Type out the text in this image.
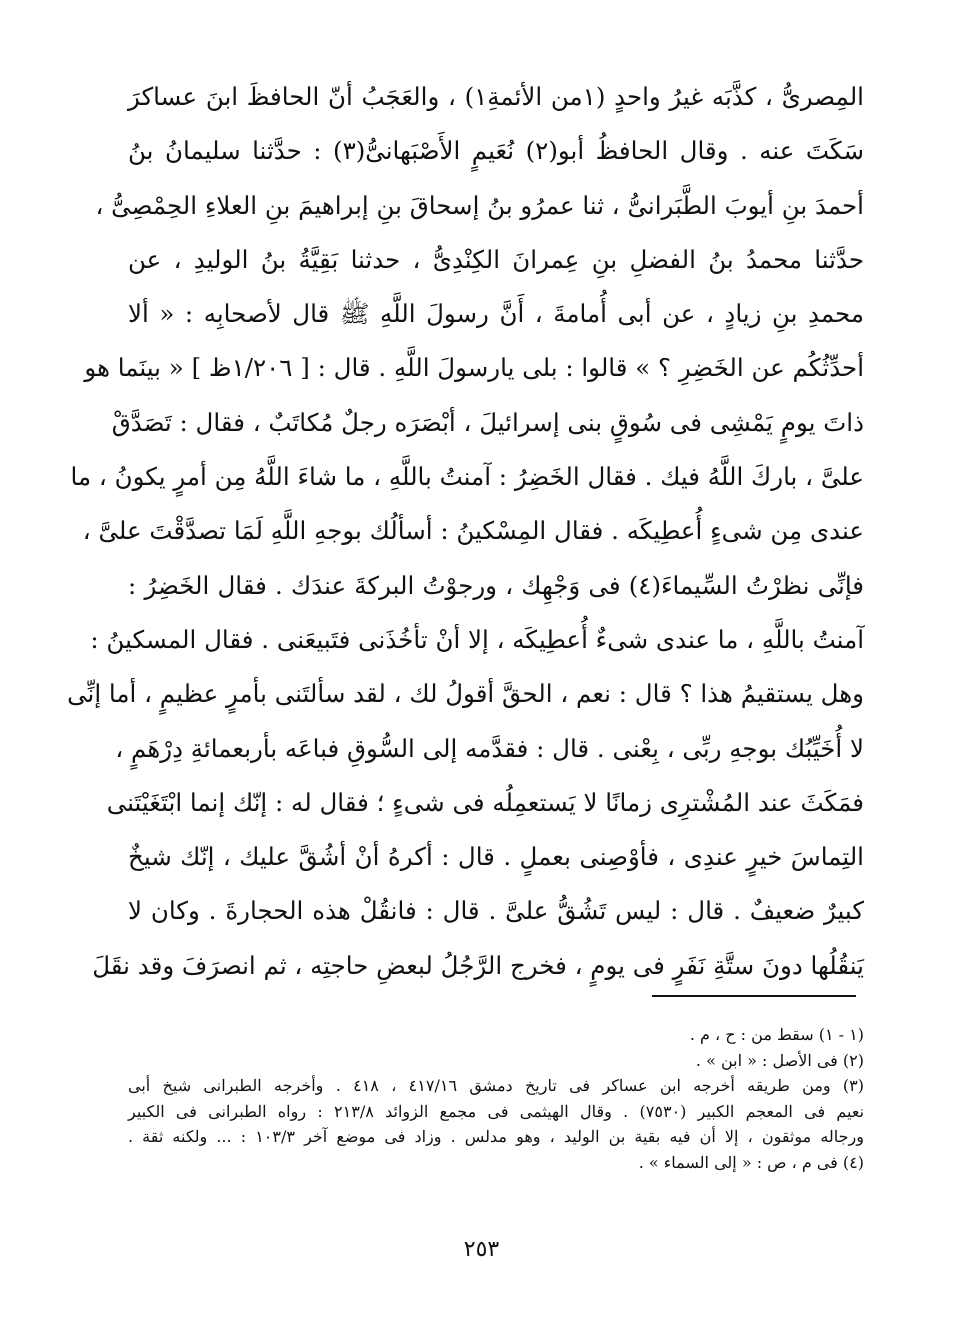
المِصرىُّ ، كذَّبَه غيرُ واحدٍ (١من الأئمةِ١) ، والعَجَبُ أنّ الحافظَ ابنَ عساكرَ
سَكَتَ عنه . وقال الحافظُ أبو(٢) نُعَيمٍ الأَصْبَهانىُّ(٣) : حدَّثنا سليمانُ بنُ
أحمدَ بنِ أيوبَ الطَّبَرانىُّ ، ثنا عمرُو بنُ إسحاقَ بنِ إبراهيمَ بنِ العلاءِ الحِمْصِىُّ ،
حدَّثنا محمدُ بنُ الفضلِ بنِ عِمرانَ الكِنْدِىُّ ، حدثنا بَقِيَّةُ بنُ الوليدِ ، عن
محمدِ بنِ زيادٍ ، عن أبى أُمامةَ ، أَنَّ رسولَ اللَّهِ ﷺ قال لأصحابِه : « ألا
أحدِّثُكُم عن الخَضِرِ ؟ » قالوا : بلى يارسولَ اللَّهِ . قال : [ ١/٢٠٦ظ ] « بينَما هو
ذاتَ يومٍ يَمْشِى فى سُوقٍ بنى إسرائيلَ ، أبْصَرَه رجلٌ مُكاتَبٌ ، فقال : تَصَدَّقْ
علىَّ ، باركَ اللَّهُ فيك . فقال الخَضِرُ : آمنتُ باللَّهِ ، ما شاءَ اللَّهُ مِن أمرٍ يكونُ ، ما
عندى مِن شىءٍ أُعطِيكَه . فقال المِسْكينُ : أسألُك بوجهِ اللَّهِ لَمَا تصدَّقْتَ علىَّ ،
فإنِّى نظرْتُ السِّيماءَ(٤) فى وَجْهِك ، ورجوْتُ البركةَ عندَك . فقال الخَضِرُ :
آمنتُ باللَّهِ ، ما عندى شىءٌ أُعطِيكَه ، إلا أنْ تأخُذَنى فتَبيعَنى . فقال المسكينُ :
وهل يستقيمُ هذا ؟ قال : نعم ، الحقَّ أقولُ لك ، لقد سألتَنى بأمرٍ عظيمٍ ، أما إنِّى
لا أُخَيِّبُك بوجهِ ربِّى ، بِعْنى . قال : فقدَّمه إلى السُّوقِ فباعَه بأربعمائةِ دِرْهَمٍ ،
فمَكَثَ عند المُشْترِى زمانًا لا يَستعمِلُه فى شىءٍ ؛ فقال له : إنّك إنما ابْتَغَيْتَنى
التِماسَ خيرٍ عندِى ، فأوْصِنى بعملٍ . قال : أكرهُ أنْ أشُقَّ عليك ، إنّك شيخٌ
كبيرٌ ضعيفٌ . قال : ليس تَشُقُّ علىَّ . قال : فانقُلْ هذه الحجارةَ . وكان لا
يَنقُلُها دونَ ستَّةِ نَفَرٍ فى يومٍ ، فخرج الرَّجُلُ لبعضِ حاجتِه ، ثم انصرَفَ وقد نقَلَ
(١ - ١) سقط من : ح ، م .
(٢) فى الأصل : « ابن » .
(٣) ومن طريقه أخرجه ابن عساكر فى تاريخ دمشق ٤١٧/١٦ ، ٤١٨ . وأخرجه الطبرانى شيخ أبى
نعيم فى المعجم الكبير (٧٥٣٠) . وقال الهيثمى فى مجمع الزوائد ٢١٣/٨ : رواه الطبرانى فى الكبير
ورجاله موثقون ، إلا أن فيه بقية بن الوليد ، وهو مدلس . وزاد فى موضع آخر ١٠٣/٣ : ... ولكنه ثقة .
(٤) فى م ، ص : « إلى السماء » .
٢٥٣
